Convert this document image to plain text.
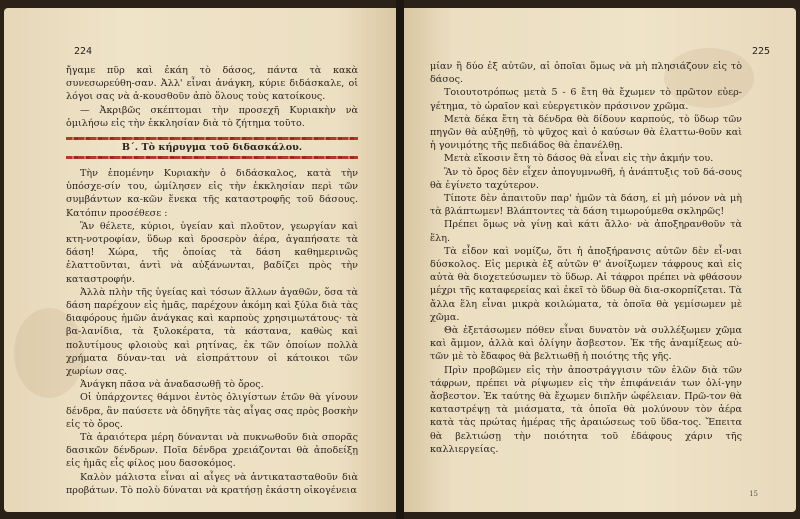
224

ἤγαμε πῦρ καὶ ἐκάη τὸ δάσος, πάντα τὰ κακὰ συνεσωρεύθη-σαν. Ἀλλ' εἶναι ἀνάγκη, κύριε διδάσκαλε, οἱ λόγοι σας νὰ ἀ-κουσθοῦν ἀπὸ ὅλους τοὺς κατοίκους.

— Ἀκριβῶς σκέπτομαι τὴν προσεχῆ Κυριακὴν νὰ ὁμιλήσω εἰς τὴν ἐκκλησίαν διὰ τὸ ζήτημα τοῦτο.

Β΄. Τὸ κήρυγμα τοῦ διδασκάλου.

Τὴν ἐπομένην Κυριακὴν ὁ διδάσκαλος, κατὰ τὴν ὑπόσχε-σίν του, ὡμίλησεν εἰς τὴν ἐκκλησίαν περὶ τῶν συμβάντων κα-κῶν ἕνεκα τῆς καταστροφῆς τοῦ δάσους. Κατόπιν προσέθεσε :

Ἂν θέλετε, κύριοι, ὑγείαν καὶ πλοῦτον, γεωργίαν καὶ κτη-νοτροφίαν, ὕδωρ καὶ δροσερὸν ἀέρα, ἀγαπήσατε τὰ δάση! Χώρα, τῆς ὁποίας τὰ δάση καθημερινῶς ἐλαττοῦνται, ἀντὶ νὰ αὐξάνωνται, βαδίζει πρὸς τὴν καταστροφήν.

Ἀλλὰ πλὴν τῆς ὑγείας καὶ τόσων ἄλλων ἀγαθῶν, ὅσα τὰ δάση παρέχουν εἰς ἡμᾶς, παρέχουν ἀκόμη καὶ ξύλα διὰ τὰς διαφόρους ἡμῶν ἀνάγκας καὶ καρποὺς χρησιμωτάτους· τὰ βα-λανίδια, τὰ ξυλοκέρατα, τὰ κάστανα, καθὼς καὶ πολυτίμους φλοιοὺς καὶ ρητίνας, ἐκ τῶν ὁποίων πολλὰ χρήματα δύναν-ται νὰ εἰσπράττουν οἱ κάτοικοι τῶν χωρίων σας.

Ἀνάγκη πᾶσα νὰ ἀναδασωθῇ τὸ ὄρος.

Οἱ ὑπάρχοντες θάμνοι ἐντὸς ὀλιγίστων ἐτῶν θὰ γίνουν δένδρα, ἂν παύσετε νὰ ὁδηγῆτε τὰς αἶγας σας πρὸς βοσκὴν εἰς τὸ ὄρος.

Τὰ ἀραιότερα μέρη δύνανται νὰ πυκνωθοῦν διὰ σπορᾶς δασικῶν δένδρων. Ποῖα δένδρα χρειάζονται θὰ ἀποδείξῃ εἰς ἡμᾶς εἷς φίλος μου δασοκόμος.

Καλὸν μάλιστα εἶναι αἱ αἶγες νὰ ἀντικατασταθοῦν διὰ προβάτων. Τὸ πολὺ δύναται νὰ κρατήσῃ ἑκάστη οἰκογένεια

225

μίαν ἢ δύο ἐξ αὐτῶν, αἱ ὁποῖαι ὅμως νὰ μὴ πλησιάζουν εἰς τὸ δάσος.

Τοιουτοτρόπως μετὰ 5 - 6 ἔτη θὰ ἔχωμεν τὸ πρῶτον εὐερ-γέτημα, τὸ ὡραῖον καὶ εὐεργετικὸν πράσινον χρῶμα.

Μετὰ δέκα ἔτη τὰ δένδρα θὰ δίδουν καρπούς, τὸ ὕδωρ τῶν πηγῶν θὰ αὐξηθῇ, τὸ ψῦχος καὶ ὁ καύσων θὰ ἐλαττω-θοῦν καὶ ἡ γονιμότης τῆς πεδιάδος θὰ ἐπανέλθῃ.

Μετὰ εἴκοσιν ἔτη τὸ δάσος θὰ εἶναι εἰς τὴν ἀκμήν του.

Ἂν τὸ ὄρος δὲν εἶχεν ἀπογυμνωθῆ, ἡ ἀνάπτυξις τοῦ δά-σους θὰ ἐγίνετο ταχύτερον.

Τίποτε δὲν ἀπαιτοῦν παρ' ἡμῶν τὰ δάση, εἰ μὴ μόνον νὰ μὴ τὰ βλάπτωμεν! Βλάπτοντες τὰ δάση τιμωρούμεθα σκληρῶς!

Πρέπει ὅμως νὰ γίνῃ καὶ κάτι ἄλλο· νὰ ἀποξηρανθοῦν τὰ ἕλη.

Τὰ εἶδον καὶ νομίζω, ὅτι ἡ ἀποξήρανσις αὐτῶν δὲν εἶ-ναι δύσκολος. Εἰς μερικὰ ἐξ αὐτῶν θ' ἀνοίξωμεν τάφρους καὶ εἰς αὐτὰ θὰ διοχετεύσωμεν τὸ ὕδωρ. Αἱ τάφροι πρέπει νὰ φθάσουν μέχρι τῆς καταφερείας καὶ ἐκεῖ τὸ ὕδωρ θὰ δια-σκορπίζεται. Τὰ ἄλλα ἕλη εἶναι μικρὰ κοιλώματα, τὰ ὁποῖα θὰ γεμίσωμεν μὲ χῶμα.

Θὰ ἐξετάσωμεν πόθεν εἶναι δυνατὸν νὰ συλλέξωμεν χῶμα καὶ ἄμμον, ἀλλὰ καὶ ὀλίγην ἄσβεστον. Ἐκ τῆς ἀναμίξεως αὐ-τῶν μὲ τὸ ἔδαφος θὰ βελτιωθῇ ἡ ποιότης τῆς γῆς.

Πρὶν προβῶμεν εἰς τὴν ἀποστράγγισιν τῶν ἑλῶν διὰ τῶν τάφρων, πρέπει νὰ ρίψωμεν εἰς τὴν ἐπιφάνειάν των ὀλί-γην ἄσβεστον. Ἐκ ταύτης θὰ ἔχωμεν διπλῆν ὠφέλειαν. Πρῶ-τον θὰ καταστρέψῃ τὰ μιάσματα, τὰ ὁποῖα θὰ μολύνουν τὸν ἀέρα κατὰ τὰς πρώτας ἡμέρας τῆς ἀραιώσεως τοῦ ὕδα-τος. Ἔπειτα θὰ βελτιώσῃ τὴν ποιότητα τοῦ ἐδάφους χάριν τῆς καλλιεργείας.

15
